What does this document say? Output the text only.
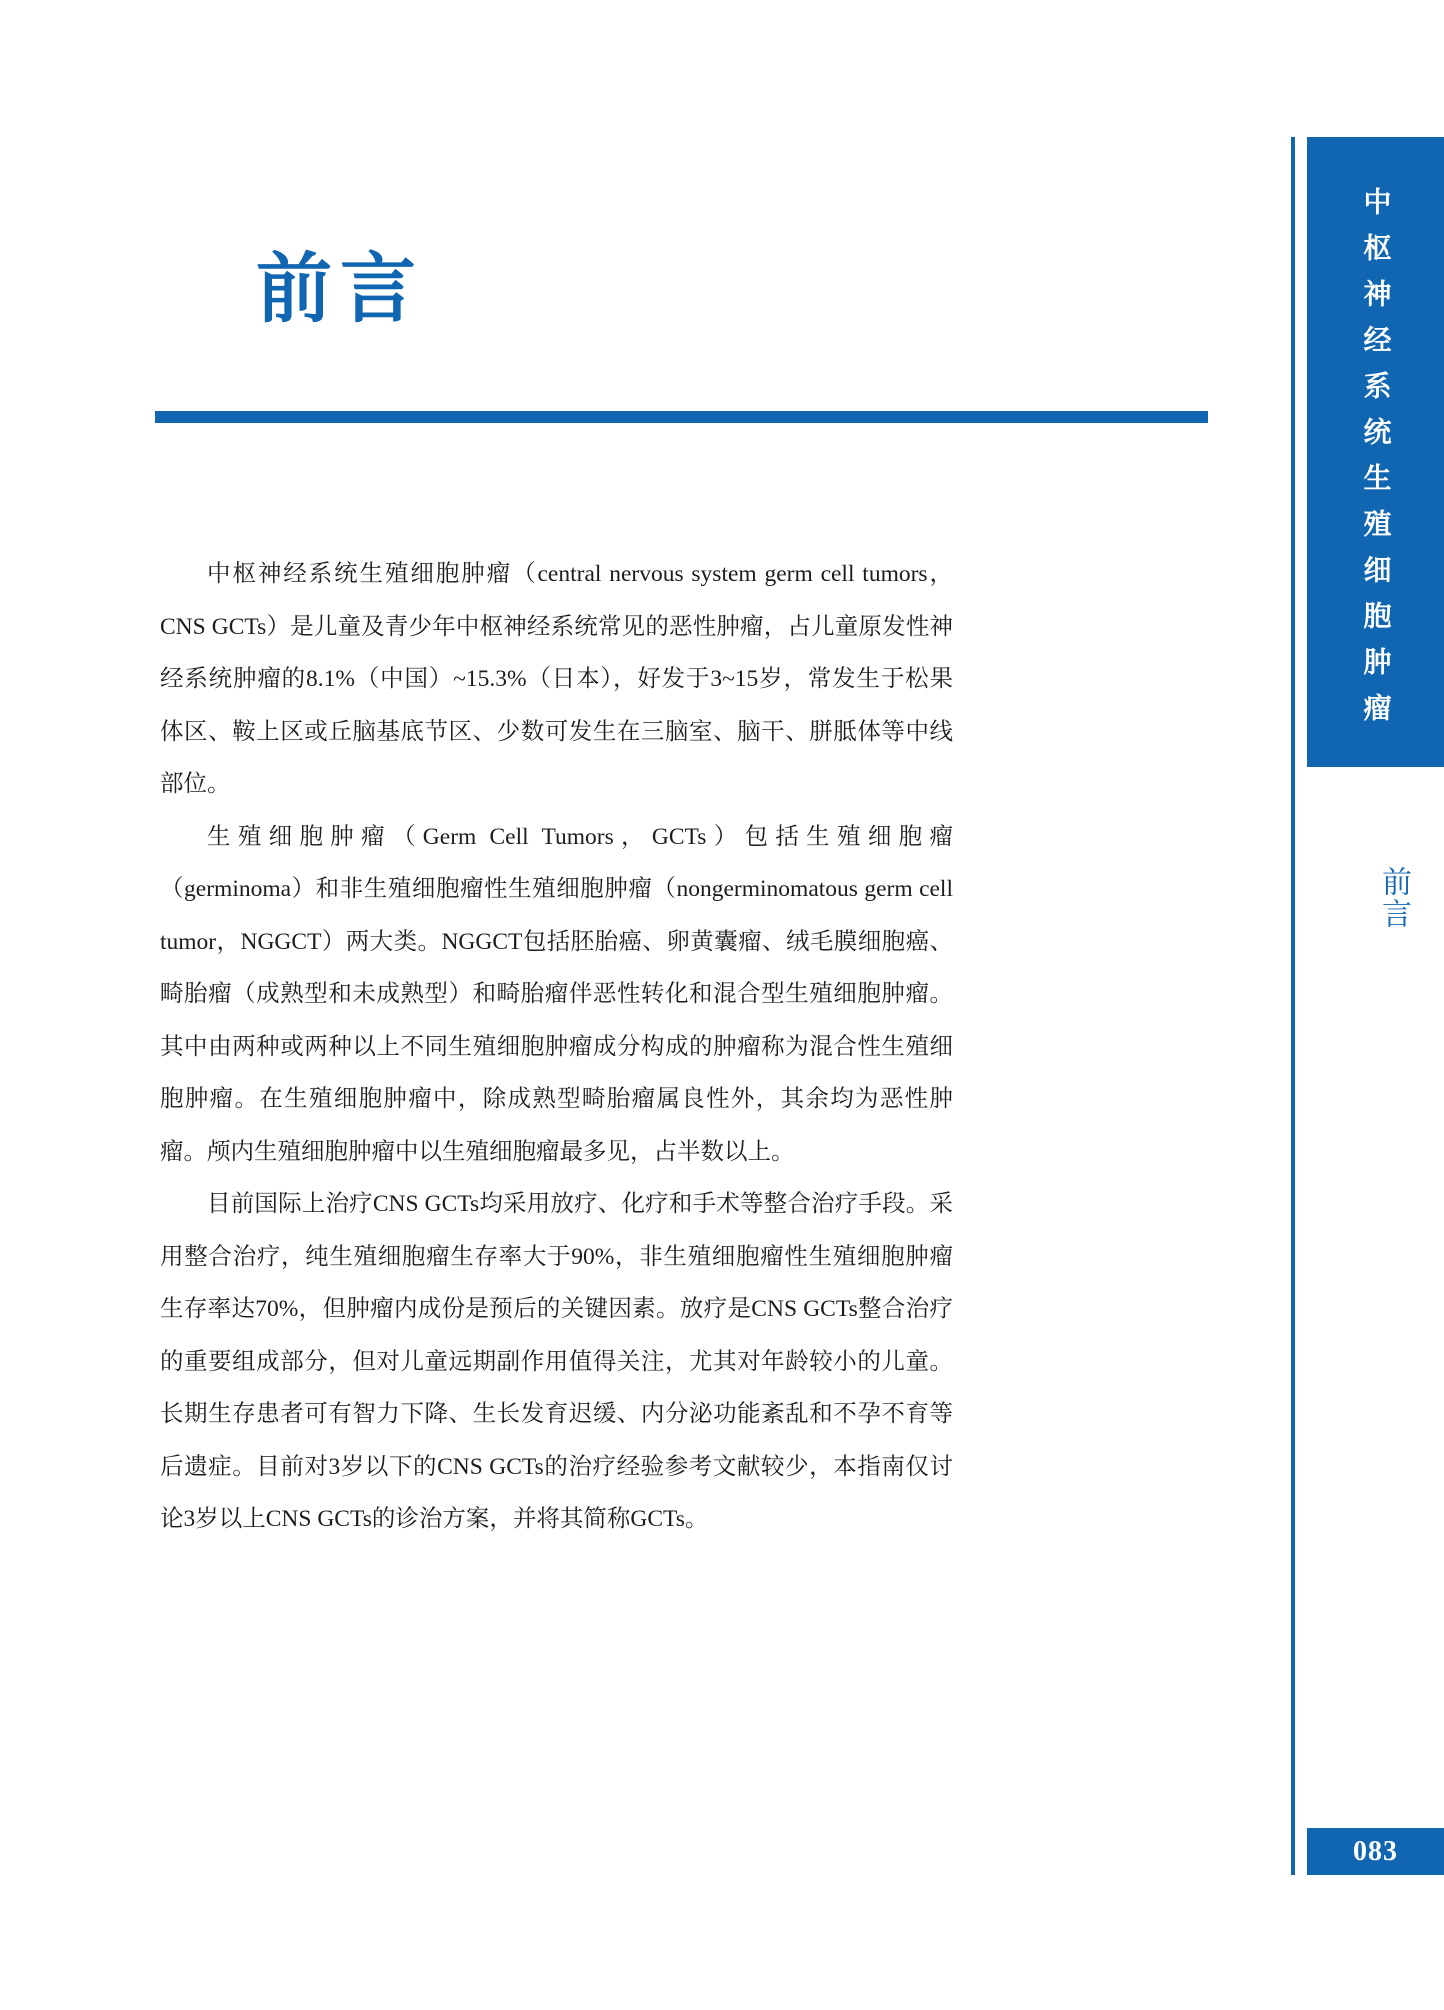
前言

中枢神经系统生殖细胞肿瘤（central nervous system germ cell tumors，CNS GCTs）是儿童及青少年中枢神经系统常见的恶性肿瘤，占儿童原发性神经系统肿瘤的8.1%（中国）~15.3%（日本），好发于3~15岁，常发生于松果体区、鞍上区或丘脑基底节区、少数可发生在三脑室、脑干、胼胝体等中线部位。

生殖细胞肿瘤（Germ Cell Tumors，GCTs）包括生殖细胞瘤（germinoma）和非生殖细胞瘤性生殖细胞肿瘤（nongerminomatous germ cell tumor，NGGCT）两大类。NGGCT包括胚胎癌、卵黄囊瘤、绒毛膜细胞癌、畸胎瘤（成熟型和未成熟型）和畸胎瘤伴恶性转化和混合型生殖细胞肿瘤。其中由两种或两种以上不同生殖细胞肿瘤成分构成的肿瘤称为混合性生殖细胞肿瘤。在生殖细胞肿瘤中，除成熟型畸胎瘤属良性外，其余均为恶性肿瘤。颅内生殖细胞肿瘤中以生殖细胞瘤最多见，占半数以上。

目前国际上治疗CNS GCTs均采用放疗、化疗和手术等整合治疗手段。采用整合治疗，纯生殖细胞瘤生存率大于90%，非生殖细胞瘤性生殖细胞肿瘤生存率达70%，但肿瘤内成份是预后的关键因素。放疗是CNS GCTs整合治疗的重要组成部分，但对儿童远期副作用值得关注，尤其对年龄较小的儿童。长期生存患者可有智力下降、生长发育迟缓、内分泌功能紊乱和不孕不育等后遗症。目前对3岁以下的CNS GCTs的治疗经验参考文献较少，本指南仅讨论3岁以上CNS GCTs的诊治方案，并将其简称GCTs。

中枢神经系统生殖细胞肿瘤
前言
083
